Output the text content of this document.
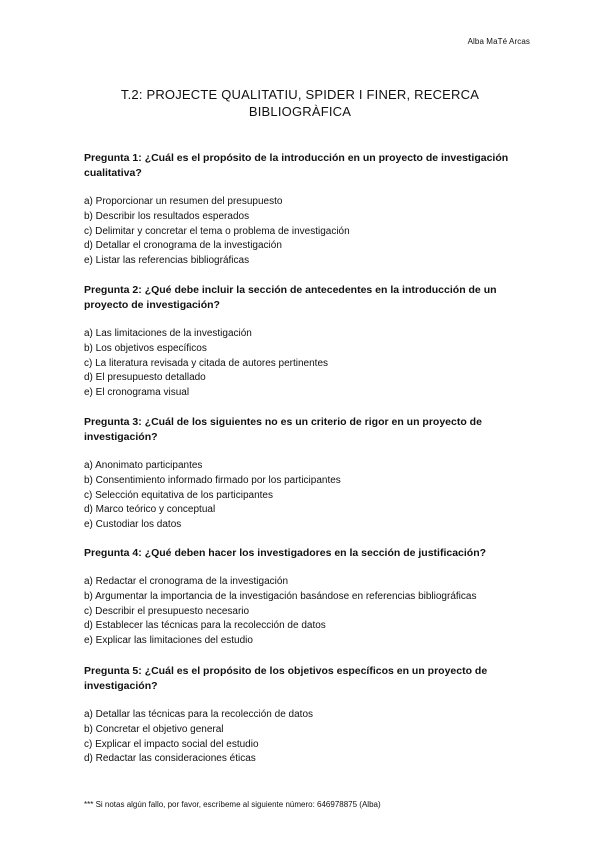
Alba MaTé Arcas
T.2: PROJECTE QUALITATIU, SPIDER I FINER, RECERCA
BIBLIOGRÀFICA

Pregunta 1: ¿Cuál es el propósito de la introducción en un proyecto de investigación cualitativa?

a) Proporcionar un resumen del presupuesto
b) Describir los resultados esperados
c) Delimitar y concretar el tema o problema de investigación
d) Detallar el cronograma de la investigación
e) Listar las referencias bibliográficas

Pregunta 2: ¿Qué debe incluir la sección de antecedentes en la introducción de un proyecto de investigación?

a) Las limitaciones de la investigación
b) Los objetivos específicos
c) La literatura revisada y citada de autores pertinentes
d) El presupuesto detallado
e) El cronograma visual

Pregunta 3: ¿Cuál de los siguientes no es un criterio de rigor en un proyecto de investigación?

a) Anonimato participantes
b) Consentimiento informado firmado por los participantes
c) Selección equitativa de los participantes
d) Marco teórico y conceptual
e) Custodiar los datos

Pregunta 4: ¿Qué deben hacer los investigadores en la sección de justificación?

a) Redactar el cronograma de la investigación
b) Argumentar la importancia de la investigación basándose en referencias bibliográficas
c) Describir el presupuesto necesario
d) Establecer las técnicas para la recolección de datos
e) Explicar las limitaciones del estudio

Pregunta 5: ¿Cuál es el propósito de los objetivos específicos en un proyecto de investigación?

a) Detallar las técnicas para la recolección de datos
b) Concretar el objetivo general
c) Explicar el impacto social del estudio
d) Redactar las consideraciones éticas
*** Si notas algún fallo, por favor, escríbeme al siguiente número: 646978875 (Alba)
